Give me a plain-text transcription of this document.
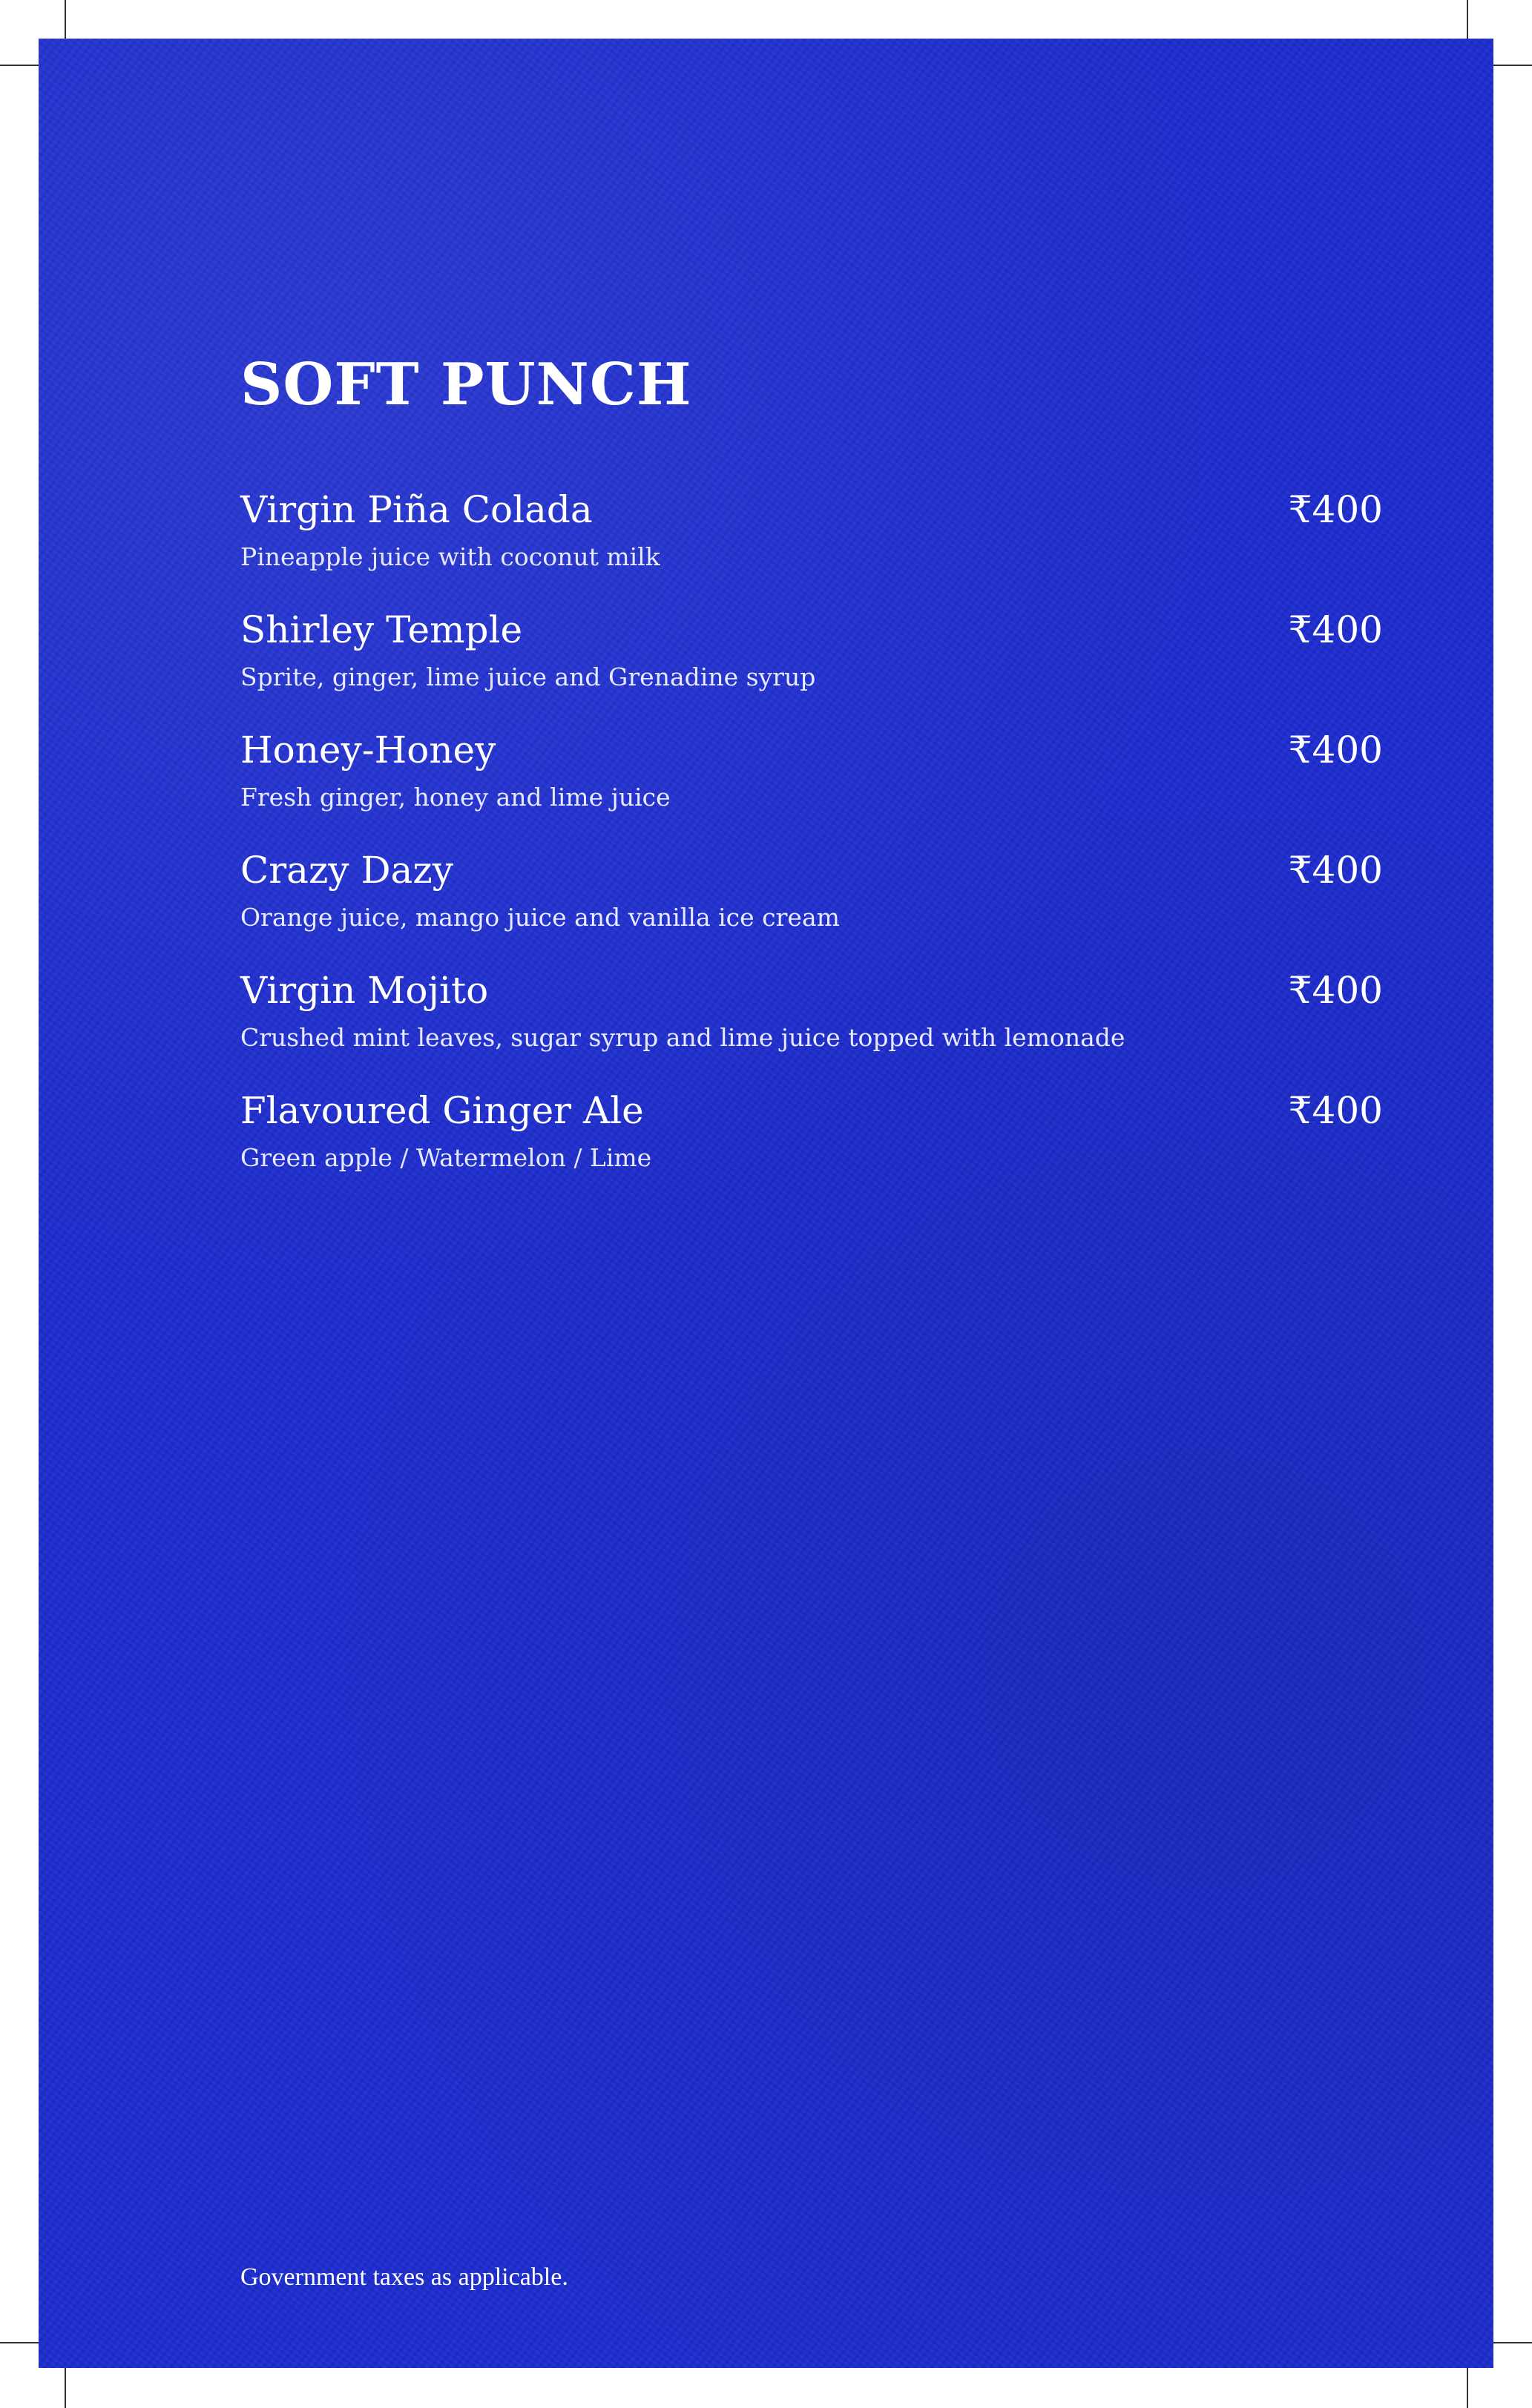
SOFT PUNCH
Virgin Piña Colada	₹400
Pineapple juice with coconut milk
Shirley Temple	₹400
Sprite, ginger, lime juice and Grenadine syrup
Honey-Honey	₹400
Fresh ginger, honey and lime juice
Crazy Dazy	₹400
Orange juice, mango juice and vanilla ice cream
Virgin Mojito	₹400
Crushed mint leaves, sugar syrup and lime juice topped with lemonade
Flavoured Ginger Ale	₹400
Green apple / Watermelon / Lime
Government taxes as applicable.
